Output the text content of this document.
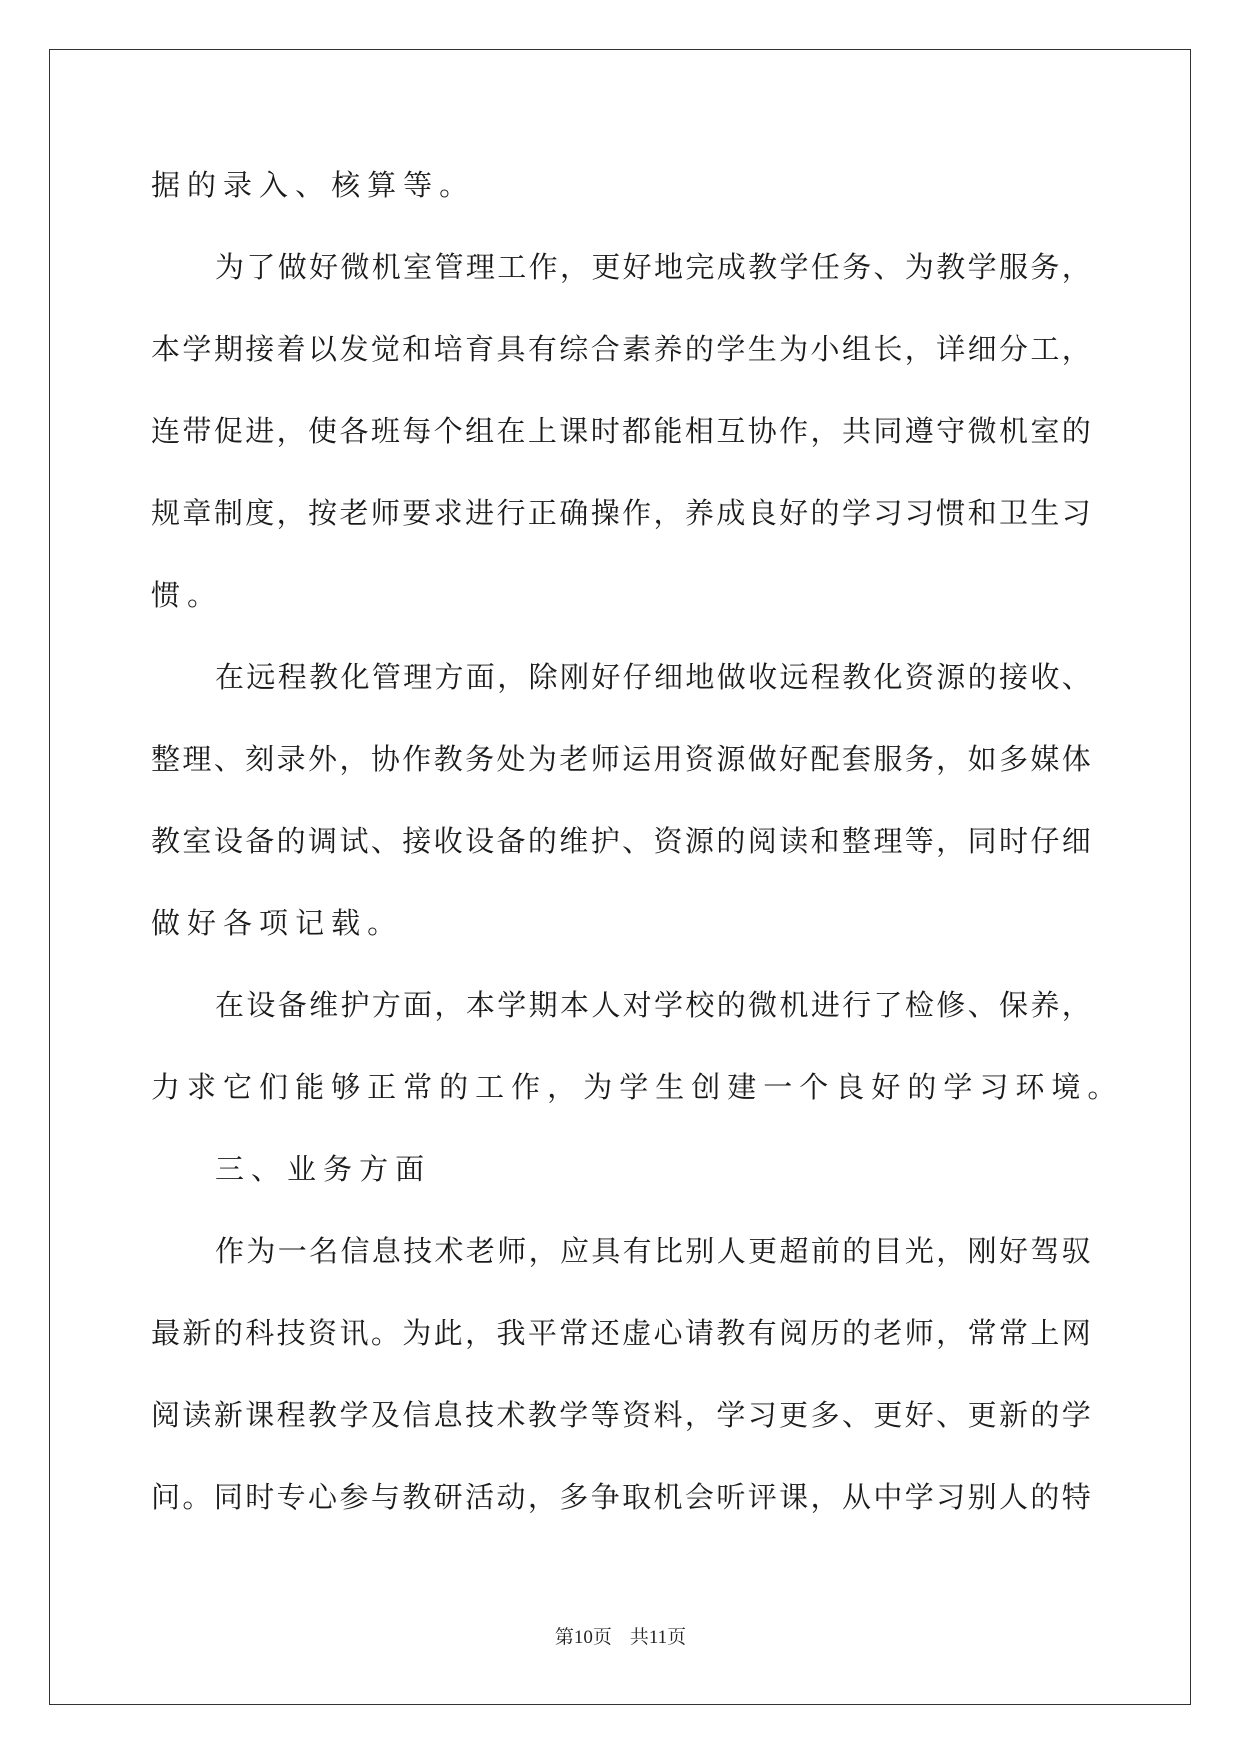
据 的 录 入 、 核 算 等 。
为 了 做 好 微 机 室 管 理 工 作 ， 更 好 地 完 成 教 学 任 务 、 为 教 学 服 务 ，
本 学 期 接 着 以 发 觉 和 培 育 具 有 综 合 素 养 的 学 生 为 小 组 长 ， 详 细 分 工 ，
连 带 促 进 ， 使 各 班 每 个 组 在 上 课 时 都 能 相 互 协 作 ， 共 同 遵 守 微 机 室 的
规 章 制 度 ， 按 老 师 要 求 进 行 正 确 操 作 ， 养 成 良 好 的 学 习 习 惯 和 卫 生 习
惯 。
在 远 程 教 化 管 理 方 面 ， 除 刚 好 仔 细 地 做 收 远 程 教 化 资 源 的 接 收 、
整 理 、 刻 录 外 ， 协 作 教 务 处 为 老 师 运 用 资 源 做 好 配 套 服 务 ， 如 多 媒 体
教 室 设 备 的 调 试 、 接 收 设 备 的 维 护 、 资 源 的 阅 读 和 整 理 等 ， 同 时 仔 细
做 好 各 项 记 载 。
在 设 备 维 护 方 面 ， 本 学 期 本 人 对 学 校 的 微 机 进 行 了 检 修 、 保 养 ，
力 求 它 们 能 够 正 常 的 工 作 ， 为 学 生 创 建 一 个 良 好 的 学 习 环 境 。
三 、 业 务 方 面
作 为 一 名 信 息 技 术 老 师 ， 应 具 有 比 别 人 更 超 前 的 目 光 ， 刚 好 驾 驭
最 新 的 科 技 资 讯 。 为 此 ， 我 平 常 还 虚 心 请 教 有 阅 历 的 老 师 ， 常 常 上 网
阅 读 新 课 程 教 学 及 信 息 技 术 教 学 等 资 料 ， 学 习 更 多 、 更 好 、 更 新 的 学
问 。 同 时 专 心 参 与 教 研 活 动 ， 多 争 取 机 会 听 评 课 ， 从 中 学 习 别 人 的 特
第10页 共11页
